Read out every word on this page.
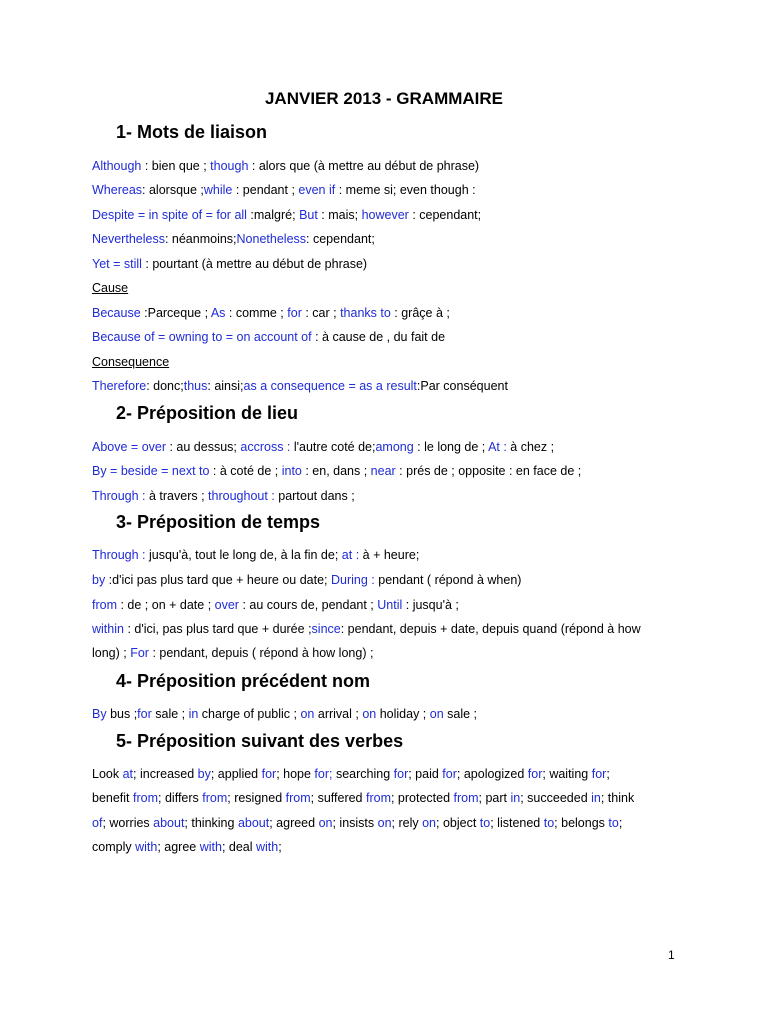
JANVIER 2013 - GRAMMAIRE
1- Mots de liaison
Although : bien que ; though : alors que (à mettre au début de phrase)
Whereas: alorsque ;while : pendant ; even if : meme si; even though :
Despite = in spite of = for all :malgré; But : mais; however : cependant;
Nevertheless: néanmoins;Nonetheless: cependant;
Yet = still : pourtant (à mettre au début de phrase)
Cause
Because :Parceque ; As : comme ; for : car ; thanks to : grâçe à ;
Because of = owning to = on account of : à cause de , du fait de
Consequence
Therefore: donc;thus: ainsi;as a consequence = as a result:Par conséquent
2- Préposition de lieu
Above = over : au dessus; accross : l'autre coté de;among : le long de ; At : à chez ;
By = beside = next to : à coté de ; into : en, dans ; near : prés de ; opposite : en face de ;
Through : à travers ; throughout : partout dans ;
3- Préposition de temps
Through : jusqu'à, tout le long de, à la fin de; at : à + heure;
by :d'ici pas plus tard que + heure ou date; During : pendant ( répond à when)
from : de ; on + date ; over : au cours de, pendant ; Until : jusqu'à ;
within : d'ici, pas plus tard que + durée ;since: pendant, depuis + date, depuis quand (répond à how
long) ; For : pendant, depuis ( répond à how long) ;
4- Préposition précédent nom
By bus ;for sale ; in charge of public ; on arrival ; on holiday ; on sale ;
5- Préposition suivant des verbes
Look at; increased by; applied for; hope for; searching for; paid for; apologized for; waiting for;
benefit from; differs from; resigned from; suffered from; protected from; part in; succeeded in; think
of; worries about; thinking about; agreed on; insists on; rely on; object to; listened to; belongs to;
comply with; agree with; deal with;
1
